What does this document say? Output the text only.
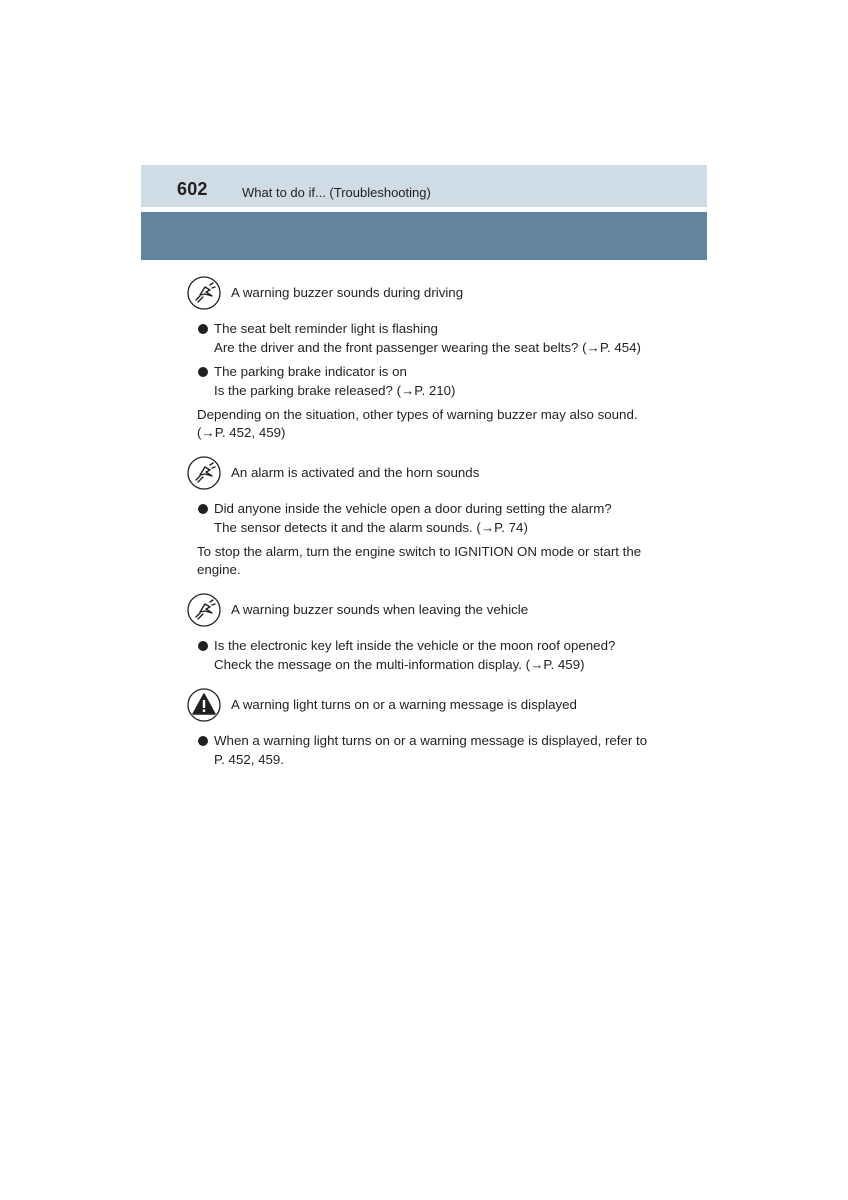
602	What to do if... (Troubleshooting)
A warning buzzer sounds during driving
The seat belt reminder light is flashing
Are the driver and the front passenger wearing the seat belts? (→P. 454)
The parking brake indicator is on
Is the parking brake released? (→P. 210)
Depending on the situation, other types of warning buzzer may also sound.
(→P. 452, 459)
An alarm is activated and the horn sounds
Did anyone inside the vehicle open a door during setting the alarm?
The sensor detects it and the alarm sounds. (→P. 74)
To stop the alarm, turn the engine switch to IGNITION ON mode or start the
engine.
A warning buzzer sounds when leaving the vehicle
Is the electronic key left inside the vehicle or the moon roof opened?
Check the message on the multi-information display. (→P. 459)
A warning light turns on or a warning message is displayed
When a warning light turns on or a warning message is displayed, refer to
P. 452, 459.
